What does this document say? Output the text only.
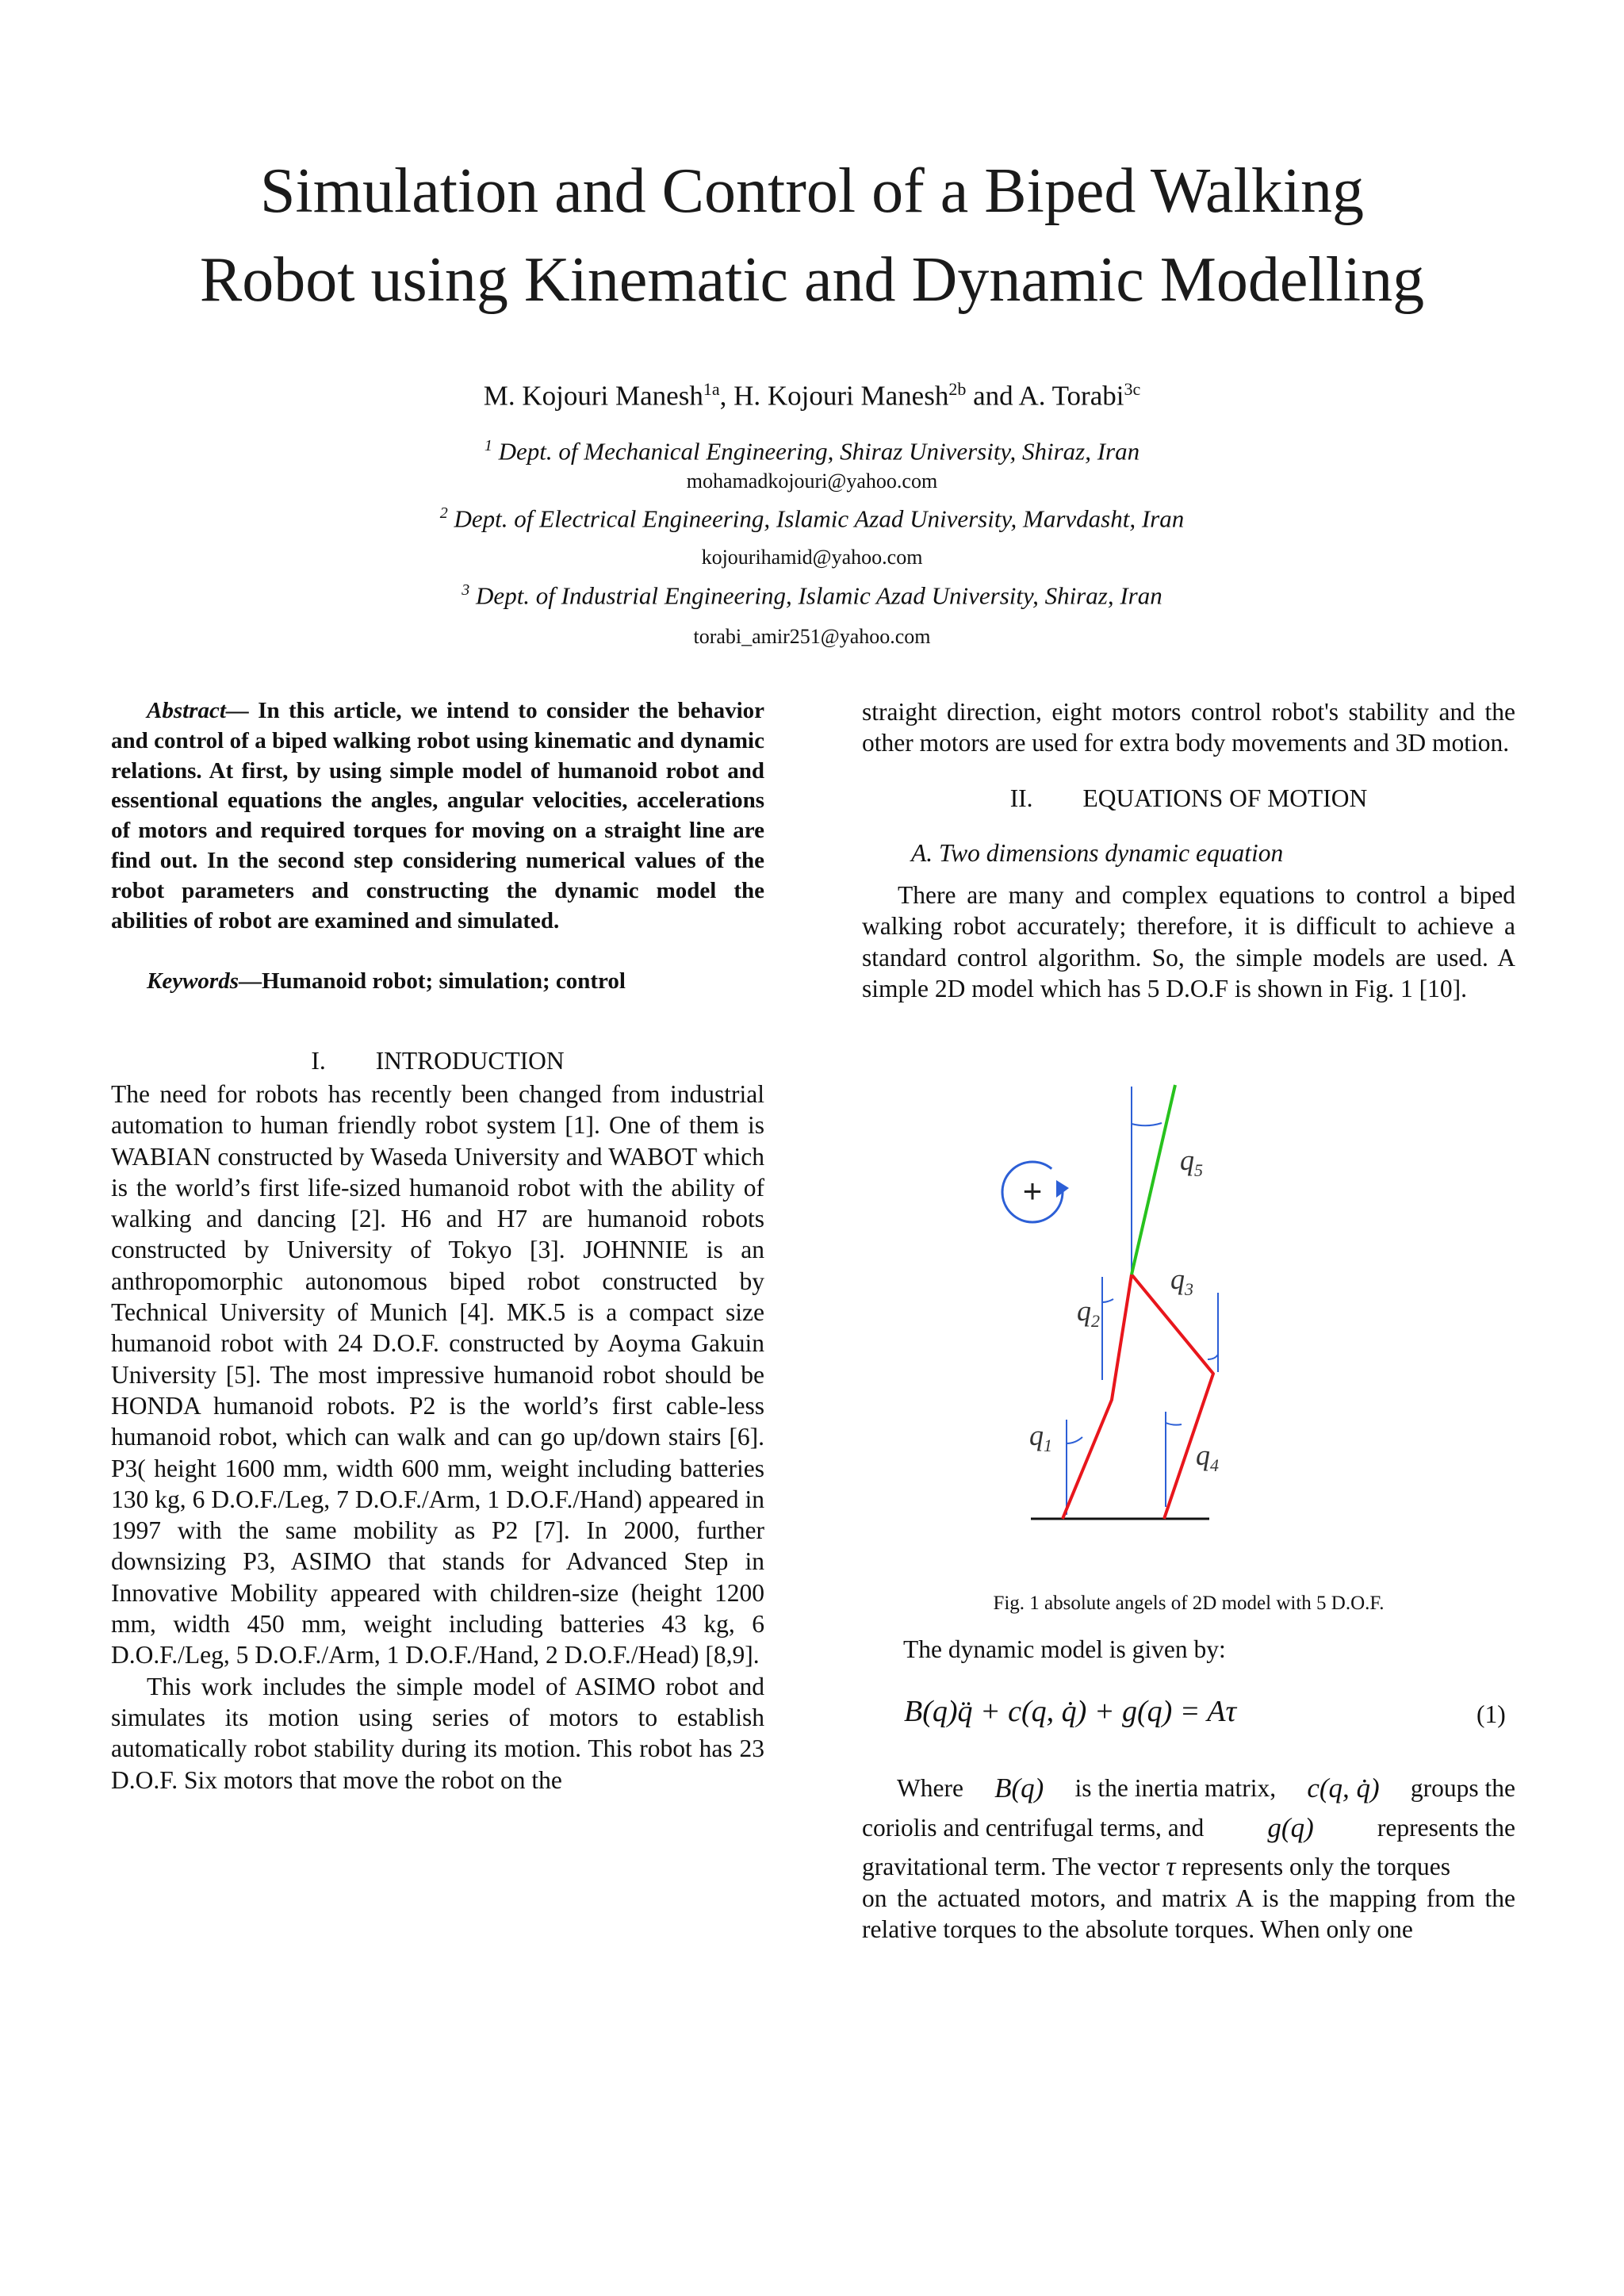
Simulation and Control of a Biped Walking
Robot using Kinematic and Dynamic Modelling
M. Kojouri Manesh$^{1a}$, H. Kojouri Manesh$^{2b}$ and A. Torabi$^{3c}$
$^1$ Dept. of Mechanical Engineering, Shiraz University, Shiraz, Iran
mohamadkojouri@yahoo.com
$^2$ Dept. of Electrical Engineering, Islamic Azad University, Marvdasht, Iran
kojourihamid@yahoo.com
$^3$ Dept. of Industrial Engineering, Islamic Azad University, Shiraz, Iran
torabi_amir251@yahoo.com

Abstract— In this article, we intend to consider the behavior and control of a biped walking robot using kinematic and dynamic relations. At first, by using simple model of humanoid robot and essentional equations the angles, angular velocities, accelerations of motors and required torques for moving on a straight line are find out. In the second step considering numerical values of the robot parameters and constructing the dynamic model the abilities of robot are examined and simulated.

Keywords—Humanoid robot; simulation; control

I.  INTRODUCTION

The need for robots has recently been changed from industrial automation to human friendly robot system [1]. One of them is WABIAN constructed by Waseda University and WABOT which is the world’s first life-sized humanoid robot with the ability of walking and dancing [2]. H6 and H7 are humanoid robots constructed by University of Tokyo [3]. JOHNNIE is an anthropomorphic autonomous biped robot constructed by Technical University of Munich [4]. MK.5 is a compact size humanoid robot with 24 D.O.F. constructed by Aoyma Gakuin University [5]. The most impressive humanoid robot should be HONDA humanoid robots. P2 is the world’s first cable-less humanoid robot, which can walk and can go up/down stairs [6]. P3( height 1600 mm, width 600 mm, weight including batteries 130 kg, 6 D.O.F./Leg, 7 D.O.F./Arm, 1 D.O.F./Hand) appeared in 1997 with the same mobility as P2 [7]. In 2000, further downsizing P3, ASIMO that stands for Advanced Step in Innovative Mobility appeared with children-size (height 1200 mm, width 450 mm, weight including batteries 43 kg, 6 D.O.F./Leg, 5 D.O.F./Arm, 1 D.O.F./Hand, 2 D.O.F./Head) [8,9].

This work includes the simple model of ASIMO robot and simulates its motion using series of motors to establish automatically robot stability during its motion. This robot has 23 D.O.F. Six motors that move the robot on the

straight direction, eight motors control robot's stability and the other motors are used for extra body movements and 3D motion.

II.  EQUATIONS OF MOTION

A. Two dimensions dynamic equation

There are many and complex equations to control a biped walking robot accurately; therefore, it is difficult to achieve a standard control algorithm. So, the simple models are used. A simple 2D model which has 5 D.O.F is shown in Fig. 1 [10].

+
$q_5$
$q_3$
$q_2$
$q_1$	$q_4$
Fig. 1 absolute angels of 2D model with 5 D.O.F.
The dynamic model is given by:
B(q)q̈ + c(q, q̇) + g(q) = Aτ	(1)
Where B(q) is the inertia matrix, c(q, q̇) groups the
coriolis and centrifugal terms, and g(q)	represents the
gravitational term. The vector τ represents only the torques

on the actuated motors, and matrix A is the mapping from the relative torques to the absolute torques. When only one
